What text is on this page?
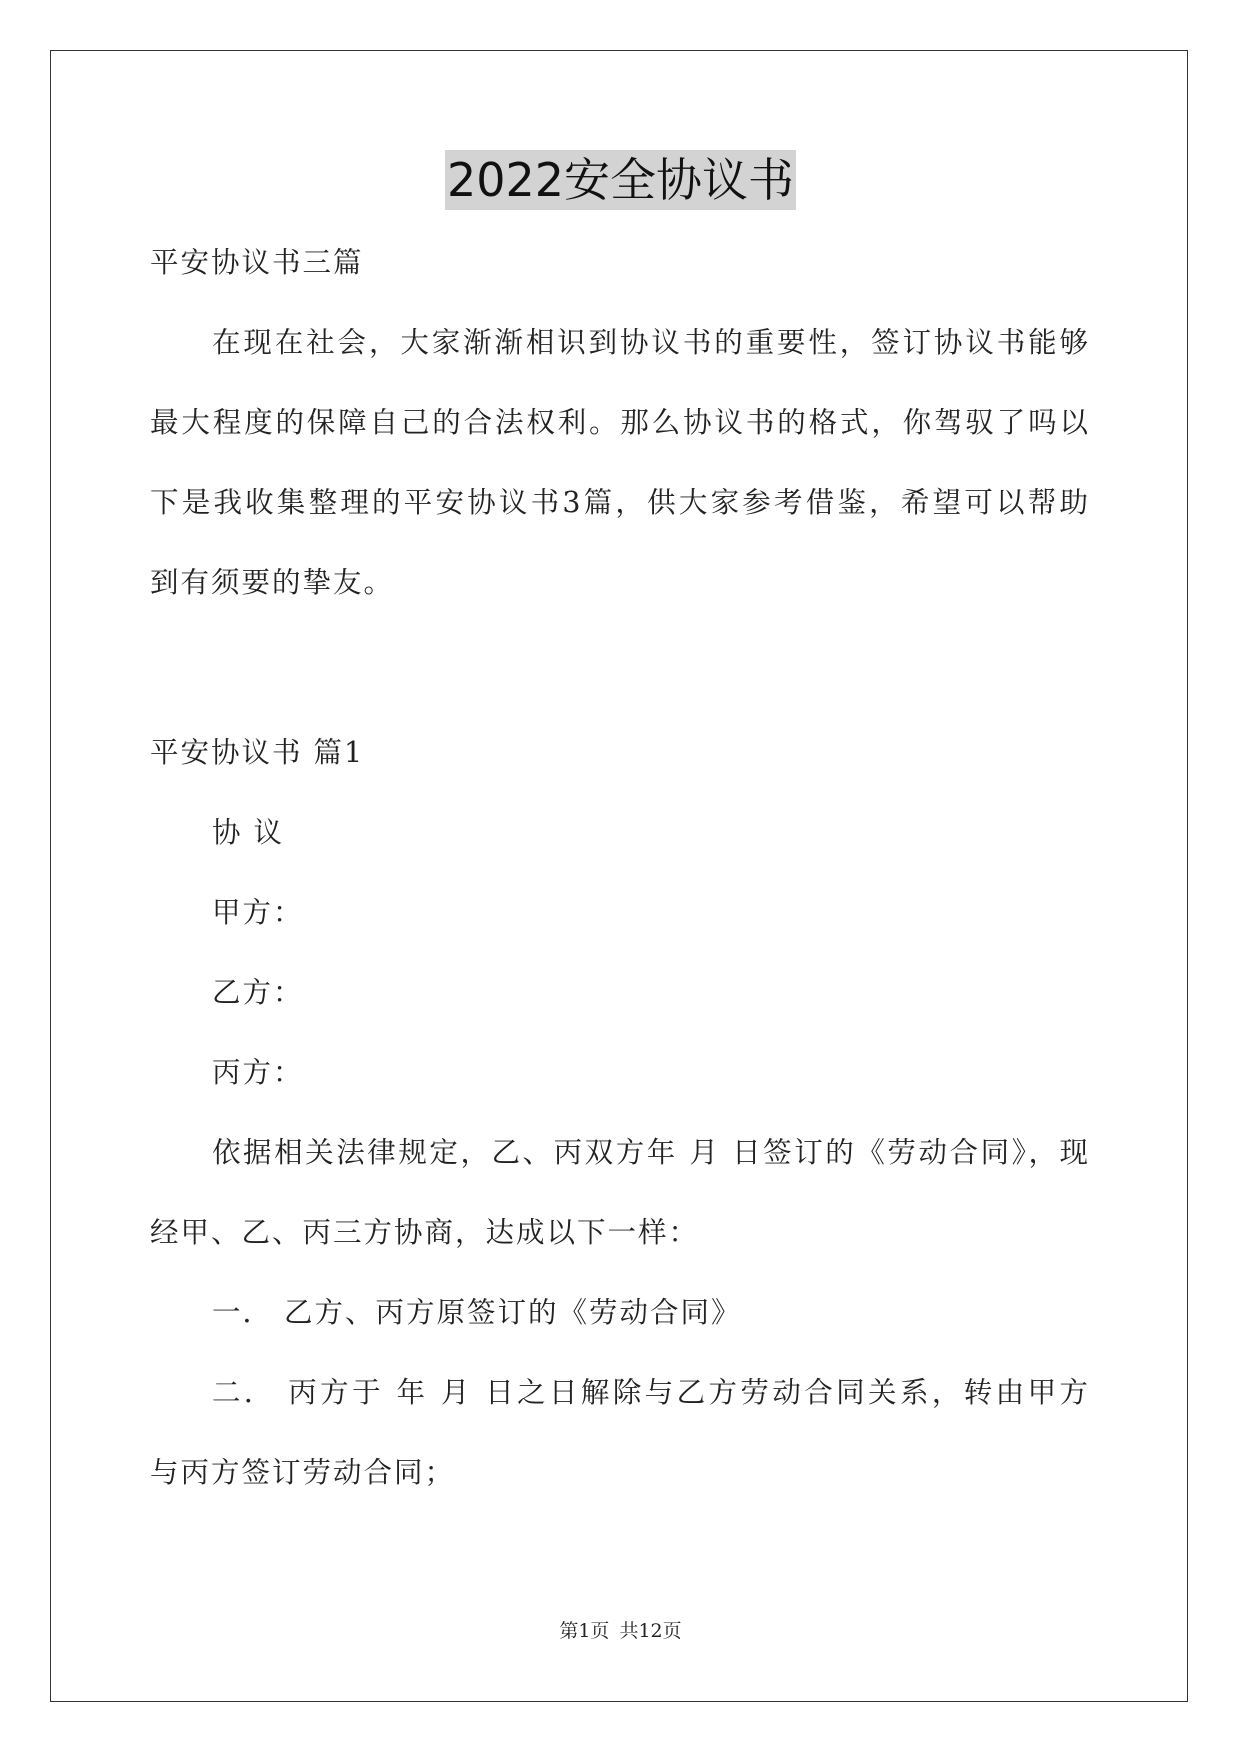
2022安全协议书
平安协议书三篇
在现在社会，大家渐渐相识到协议书的重要性，签订协议书能够
最大程度的保障自己的合法权利。那么协议书的格式，你驾驭了吗以
下是我收集整理的平安协议书3篇，供大家参考借鉴，希望可以帮助
到有须要的挚友。
平安协议书 篇1
协 议
甲方：
乙方：
丙方：
依据相关法律规定，乙、丙双方年 月 日签订的《劳动合同》，现
经甲、乙、丙三方协商，达成以下一样：
一． 乙方、丙方原签订的《劳动合同》
二． 丙方于 年 月 日之日解除与乙方劳动合同关系，转由甲方
与丙方签订劳动合同；
第1页 共12页
